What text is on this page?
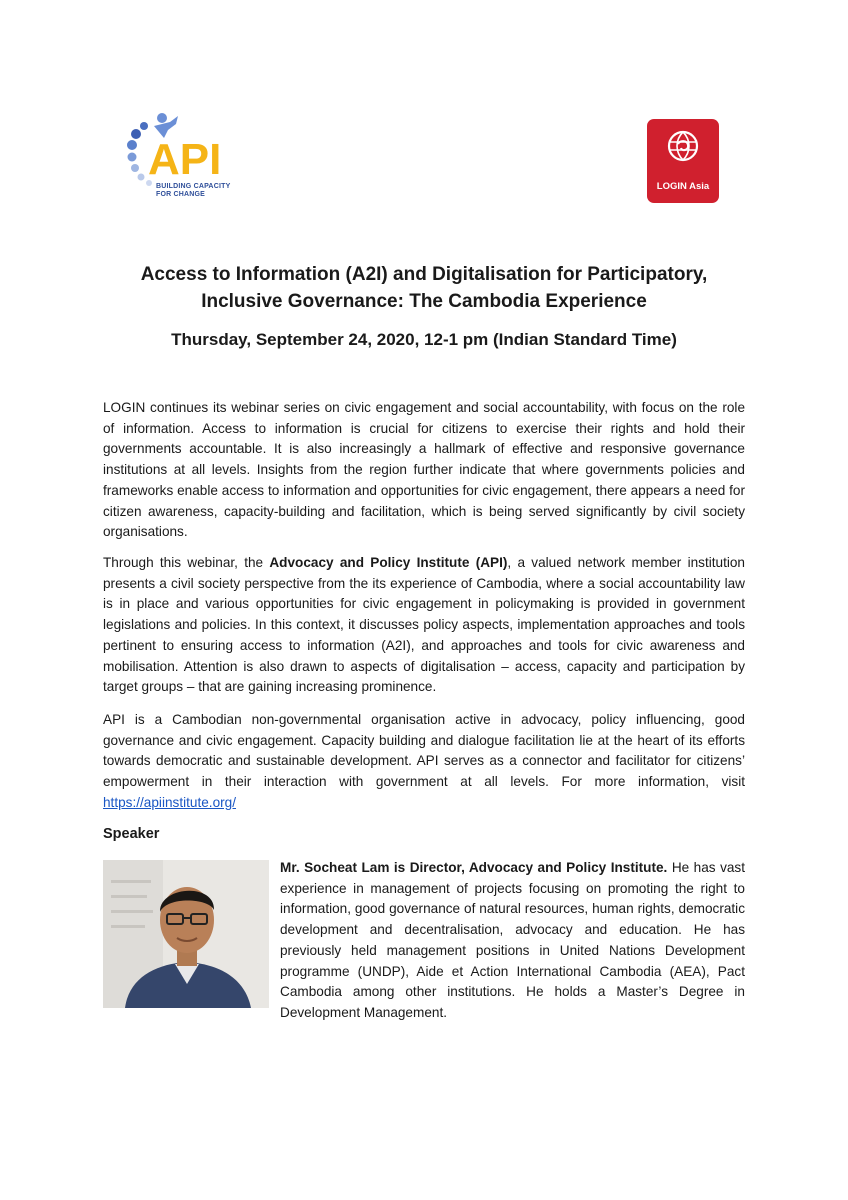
API
BUILDING CAPACITY
FOR CHANGE
LOGIN Asia
Access to Information (A2I) and Digitalisation for Participatory,
Inclusive Governance: The Cambodia Experience
Thursday, September 24, 2020, 12-1 pm (Indian Standard Time)
LOGIN continues its webinar series on civic engagement and social accountability, with focus on the role of information. Access to information is crucial for citizens to exercise their rights and hold their governments accountable. It is also increasingly a hallmark of effective and responsive governance institutions at all levels. Insights from the region further indicate that where governments policies and frameworks enable access to information and opportunities for civic engagement, there appears a need for citizen awareness, capacity-building and facilitation, which is being served significantly by civil society organisations.
Through this webinar, the Advocacy and Policy Institute (API), a valued network member institution presents a civil society perspective from the its experience of Cambodia, where a social accountability law is in place and various opportunities for civic engagement in policymaking is provided in government legislations and policies. In this context, it discusses policy aspects, implementation approaches and tools pertinent to ensuring access to information (A2I), and approaches and tools for civic awareness and mobilisation. Attention is also drawn to aspects of digitalisation – access, capacity and participation by target groups – that are gaining increasing prominence.
API is a Cambodian non-governmental organisation active in advocacy, policy influencing, good governance and civic engagement. Capacity building and dialogue facilitation lie at the heart of its efforts towards democratic and sustainable development. API serves as a connector and facilitator for citizens’ empowerment in their interaction with government at all levels. For more information, visit https://apiinstitute.org/
Speaker
Mr. Socheat Lam is Director, Advocacy and Policy Institute. He has vast experience in management of projects focusing on promoting the right to information, good governance of natural resources, human rights, democratic development and decentralisation, advocacy and education. He has previously held management positions in United Nations Development programme (UNDP), Aide et Action International Cambodia (AEA), Pact Cambodia among other institutions. He holds a Master’s Degree in Development Management.
